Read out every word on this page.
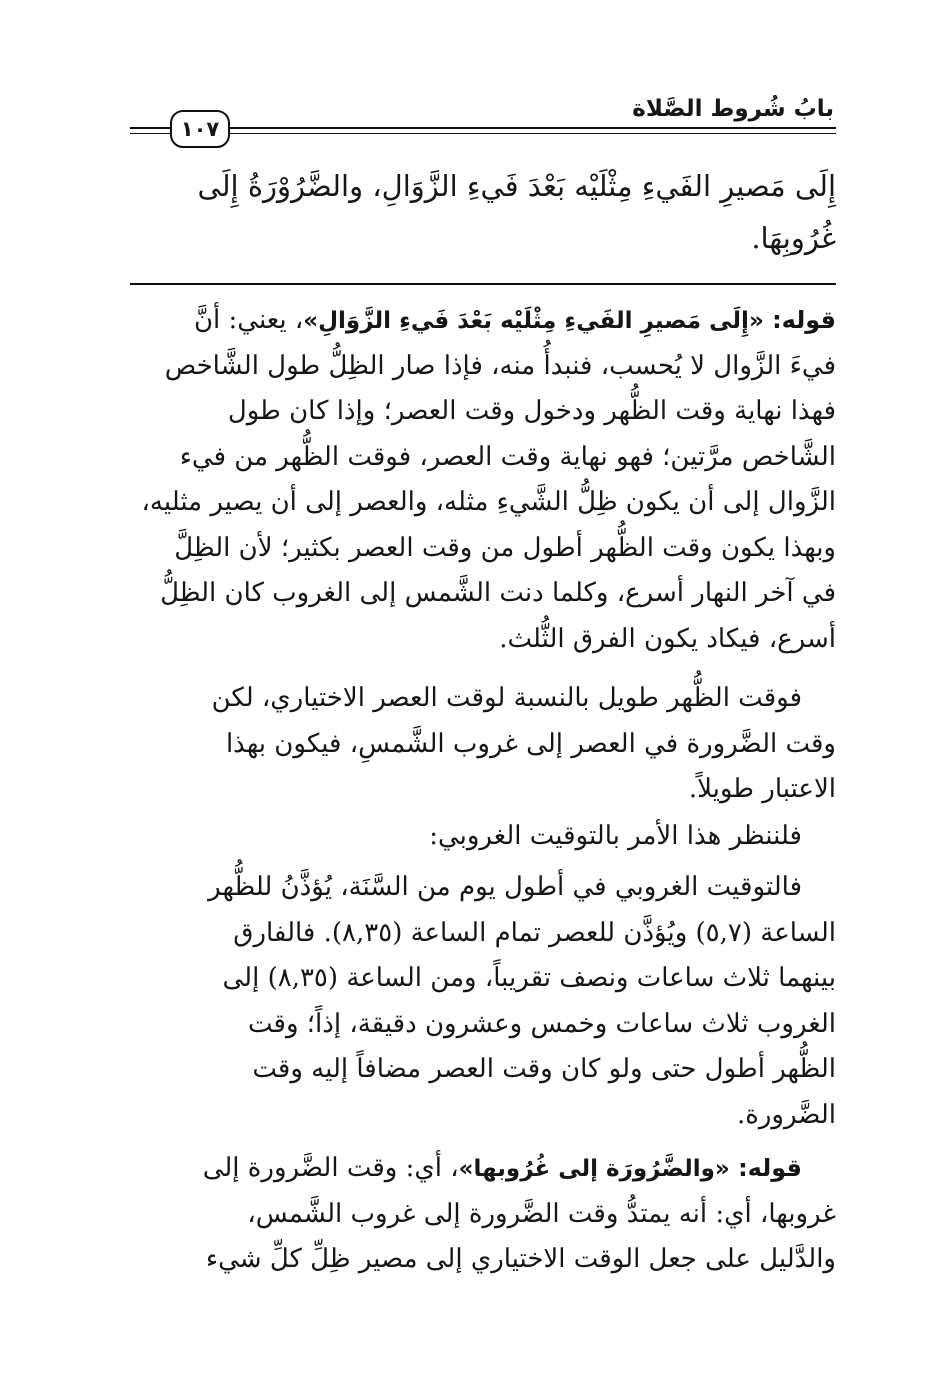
بابُ شُروط الصَّلاة
١٠٧
إِلَى مَصيرِ الفَيءِ مِثْلَيْه بَعْدَ فَيءِ الزَّوَالِ، والضَّرُوْرَةُ إِلَى
غُرُوبِهَا.
قوله: «إِلَى مَصيرِ الفَيءِ مِثْلَيْه بَعْدَ فَيءِ الزَّوَالِ»، يعني: أنَّ
فيءَ الزَّوال لا يُحسب، فنبدأُ منه، فإذا صار الظِلُّ طول الشَّاخص
فهذا نهاية وقت الظُّهر ودخول وقت العصر؛ وإذا كان طول
الشَّاخص مرَّتين؛ فهو نهاية وقت العصر، فوقت الظُّهر من فيء
الزَّوال إلى أن يكون ظِلُّ الشَّيءِ مثله، والعصر إلى أن يصير مثليه،
وبهذا يكون وقت الظُّهر أطول من وقت العصر بكثير؛ لأن الظِلَّ
في آخر النهار أسرع، وكلما دنت الشَّمس إلى الغروب كان الظِلُّ
أسرع، فيكاد يكون الفرق الثُّلث.
فوقت الظُّهر طويل بالنسبة لوقت العصر الاختياري، لكن
وقت الضَّرورة في العصر إلى غروب الشَّمسِ، فيكون بهذا
الاعتبار طويلاً.
فلننظر هذا الأمر بالتوقيت الغروبي:
فالتوقيت الغروبي في أطول يوم من السَّنَة، يُؤذَّنُ للظُّهر
الساعة (٥,٧) ويُؤذَّن للعصر تمام الساعة (٨,٣٥). فالفارق
بينهما ثلاث ساعات ونصف تقريباً، ومن الساعة (٨,٣٥) إلى
الغروب ثلاث ساعات وخمس وعشرون دقيقة، إذاً؛ وقت
الظُّهر أطول حتى ولو كان وقت العصر مضافاً إليه وقت
الضَّرورة.
قوله: «والضَّرُورَة إلى غُرُوبها»، أي: وقت الضَّرورة إلى
غروبها، أي: أنه يمتدُّ وقت الضَّرورة إلى غروب الشَّمس،
والدَّليل على جعل الوقت الاختياري إلى مصير ظِلِّ كلِّ شيء
